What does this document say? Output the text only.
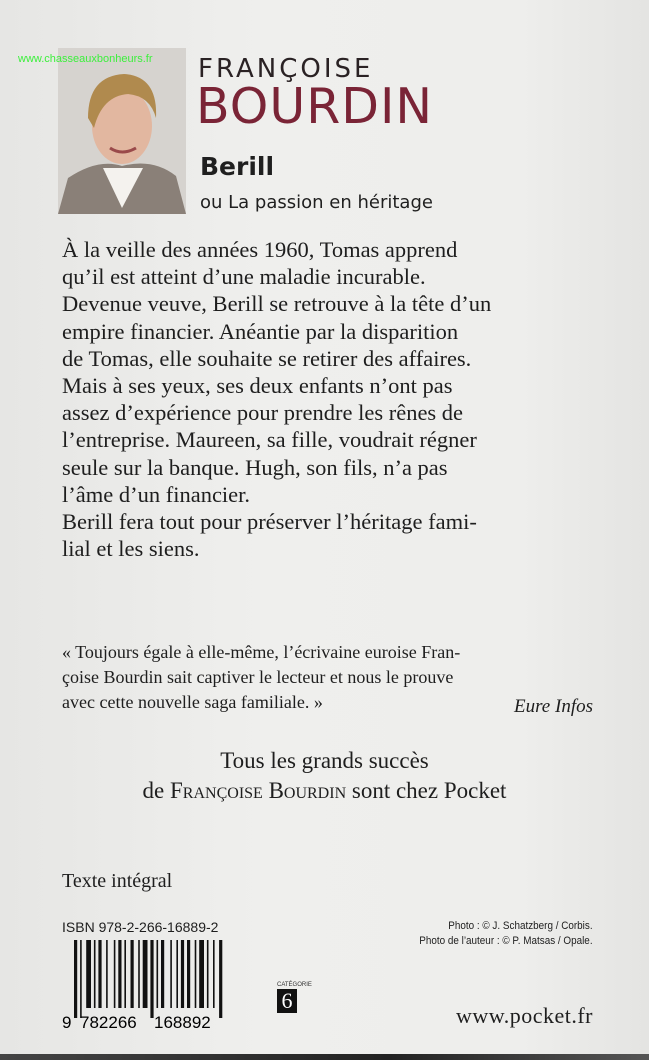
www.chasseauxbonheurs.fr FRANÇOISE
BOURDIN
Berill
ou La passion en héritage
À la veille des années 1960, Tomas apprend
qu’il est atteint d’une maladie incurable.
Devenue veuve, Berill se retrouve à la tête d’un
empire financier. Anéantie par la disparition
de Tomas, elle souhaite se retirer des affaires.
Mais à ses yeux, ses deux enfants n’ont pas
assez d’expérience pour prendre les rênes de
l’entreprise. Maureen, sa fille, voudrait régner
seule sur la banque. Hugh, son fils, n’a pas
l’âme d’un financier.
Berill fera tout pour préserver l’héritage fami-
lial et les siens.
« Toujours égale à elle-même, l’écrivaine euroise Fran-
çoise Bourdin sait captiver le lecteur et nous le prouve
avec cette nouvelle saga familiale. »	Eure Infos
Tous les grands succès
de Françoise Bourdin sont chez Pocket
Texte intégral
ISBN 978-2-266-16889-2
9 782266 168892
CATÉGORIE
6
Photo : © J. Schatzberg / Corbis.
Photo de l’auteur : © P. Matsas / Opale.
www.pocket.fr
